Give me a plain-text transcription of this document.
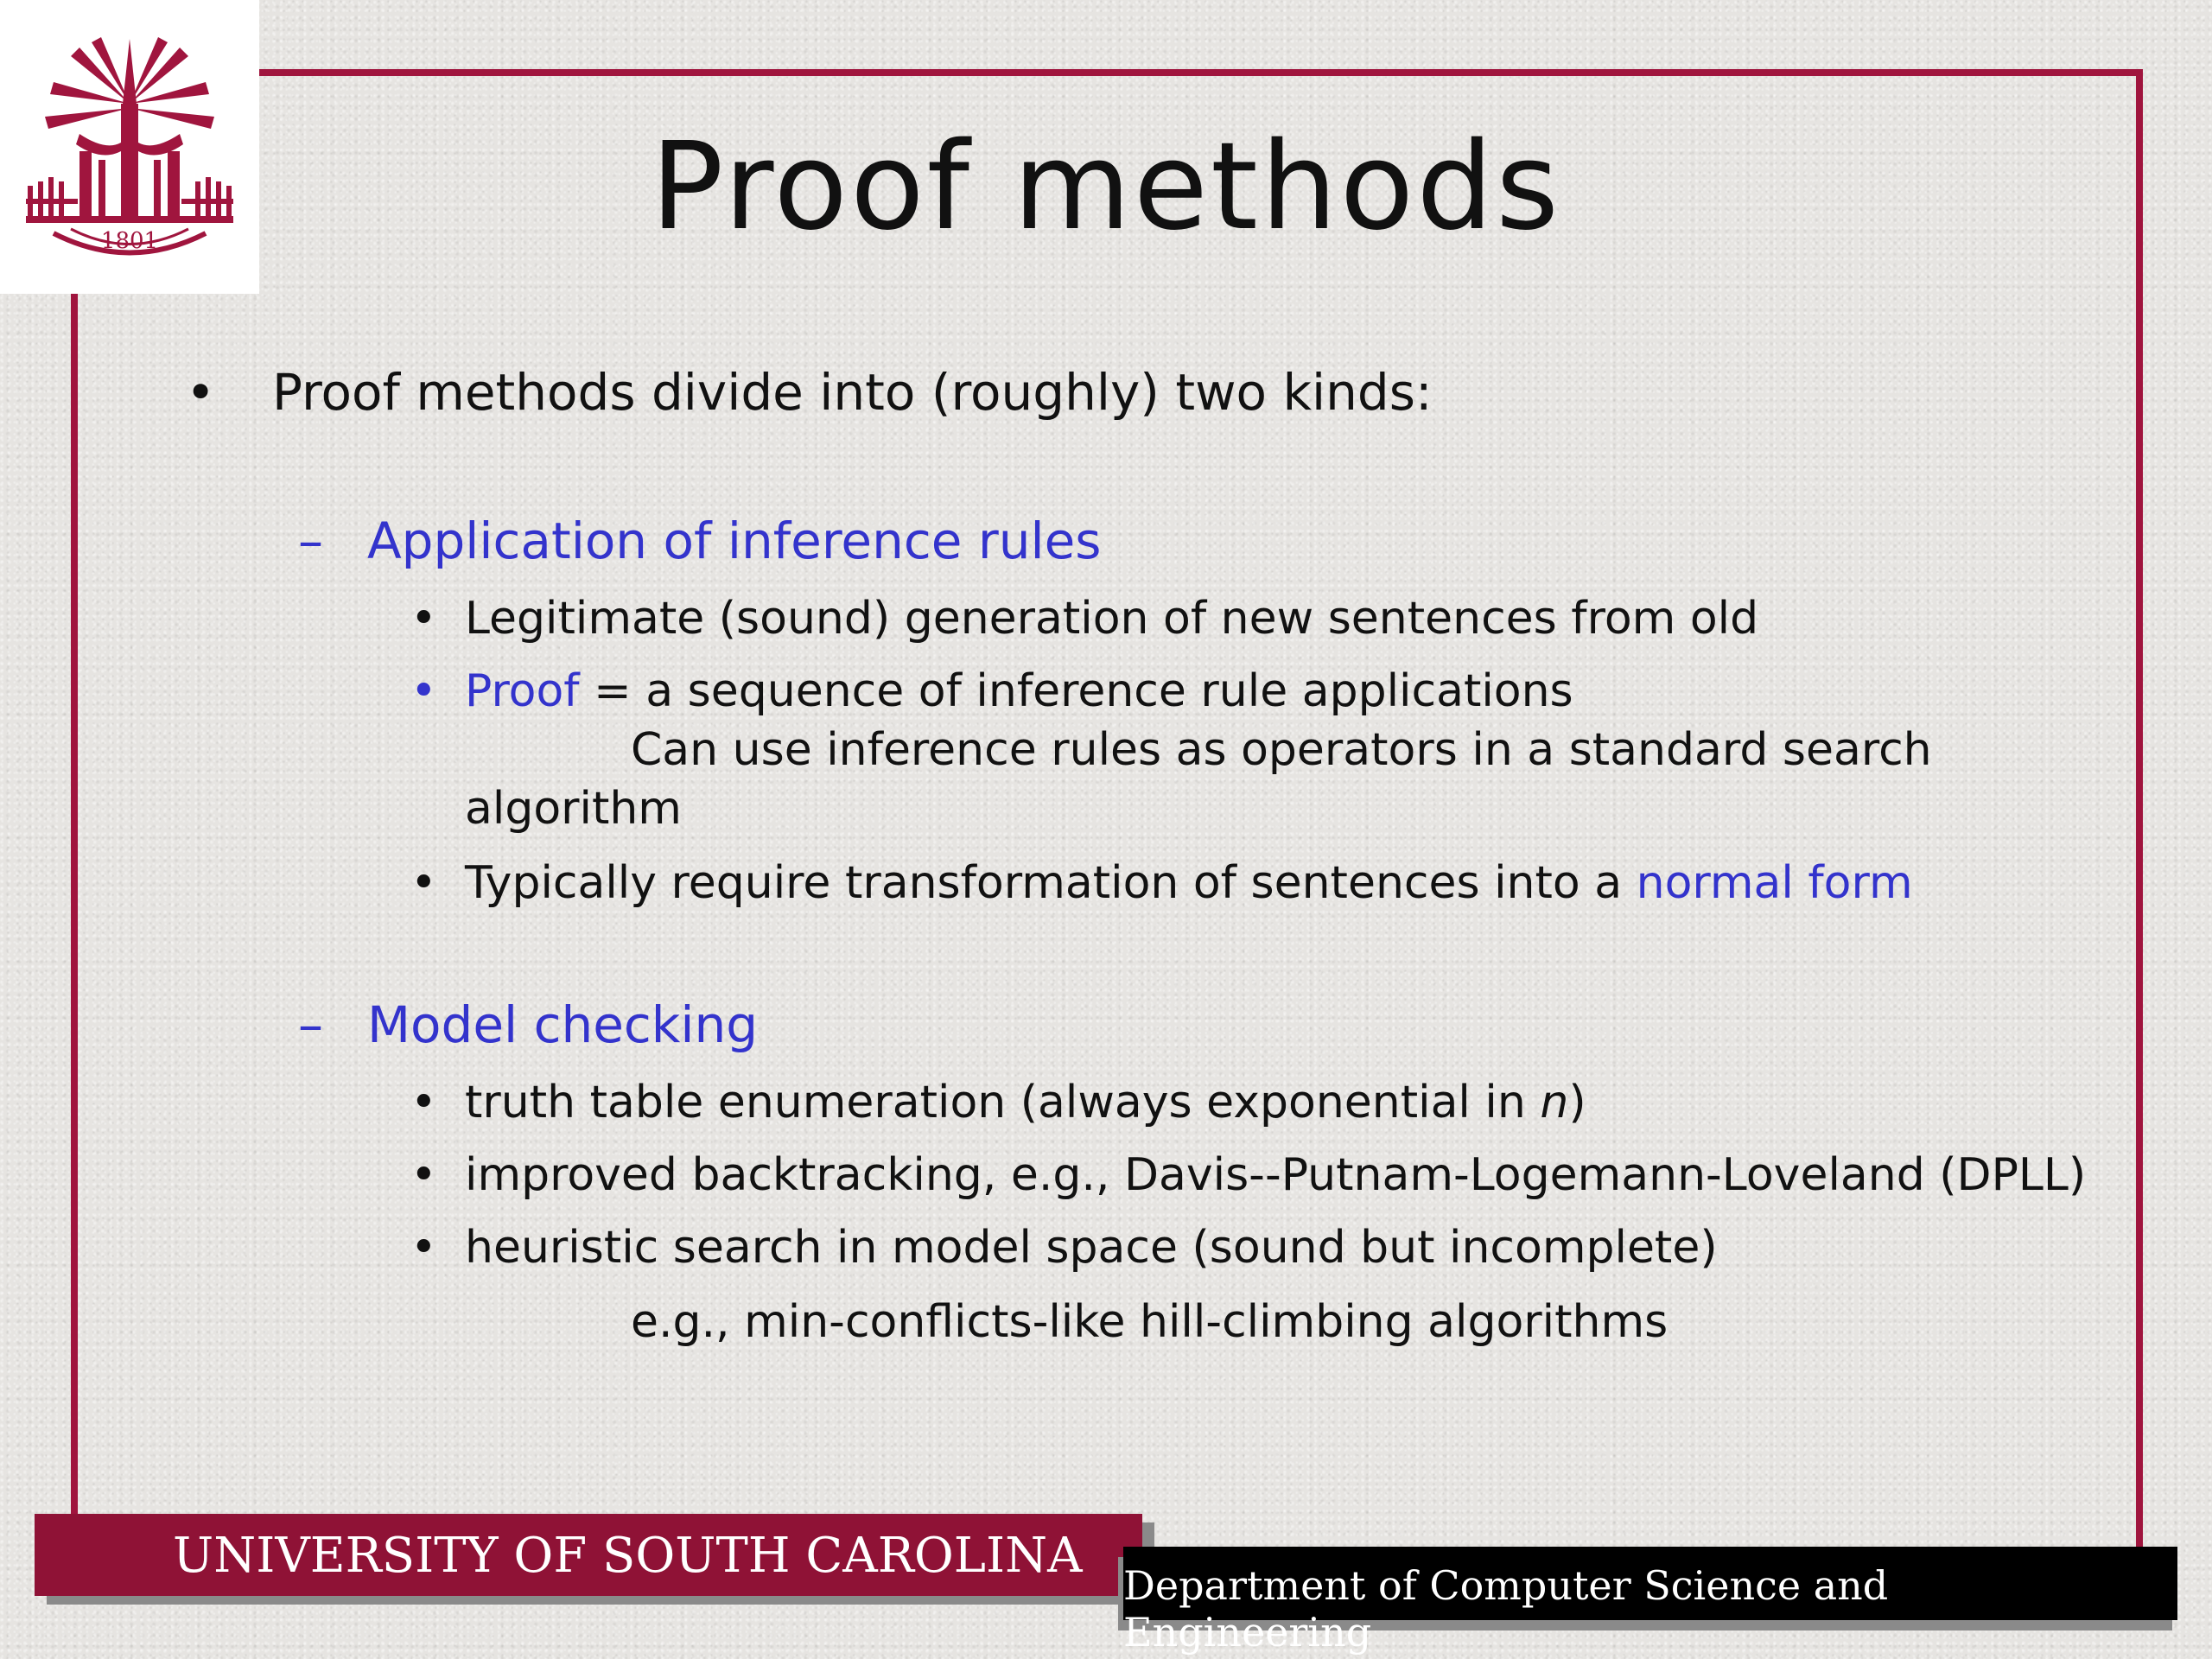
1801	Proof methods
• Proof methods divide into (roughly) two kinds:
– Application of inference rules
• Legitimate (sound) generation of new sentences from old
• Proof = a sequence of inference rule applications
Can use inference rules as operators in a standard search
algorithm
• Typically require transformation of sentences into a normal form
– Model checking
• truth table enumeration (always exponential in n)
• improved backtracking, e.g., Davis--Putnam-Logemann-Loveland (DPLL)
• heuristic search in model space (sound but incomplete)
e.g., min-conflicts-like hill-climbing algorithms
UNIVERSITY OF SOUTH CAROLINA
Department of Computer Science and Engineering
